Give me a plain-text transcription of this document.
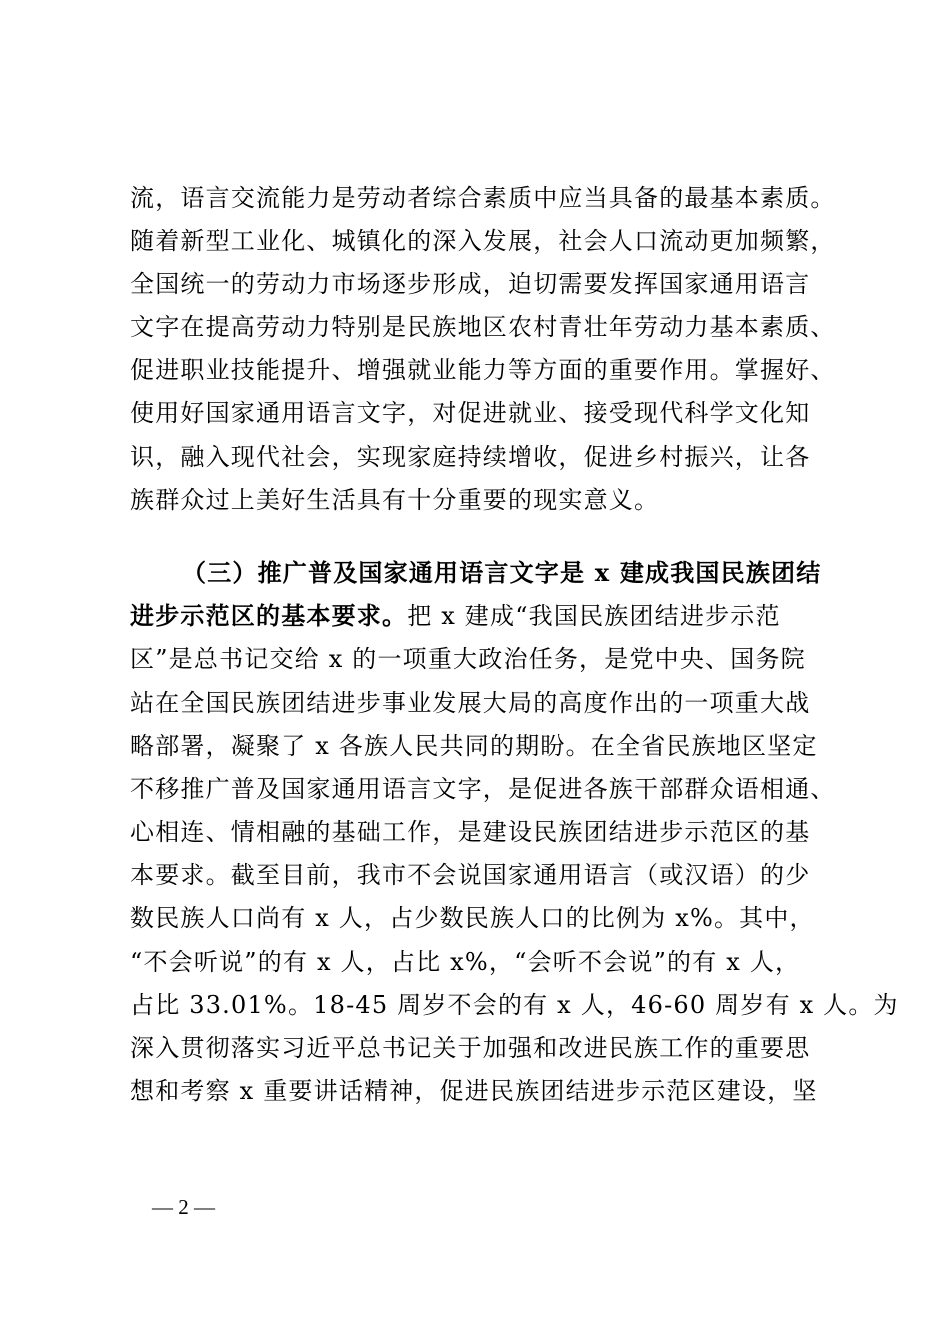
流，语言交流能力是劳动者综合素质中应当具备的最基本素质。
随着新型工业化、城镇化的深入发展，社会人口流动更加频繁，
全国统一的劳动力市场逐步形成，迫切需要发挥国家通用语言
文字在提高劳动力特别是民族地区农村青壮年劳动力基本素质、
促进职业技能提升、增强就业能力等方面的重要作用。掌握好、
使用好国家通用语言文字，对促进就业、接受现代科学文化知
识，融入现代社会，实现家庭持续增收，促进乡村振兴，让各
族群众过上美好生活具有十分重要的现实意义。
（三）推广普及国家通用语言文字是 x 建成我国民族团结
进步示范区的基本要求。把 x 建成“我国民族团结进步示范
区”是总书记交给 x 的一项重大政治任务，是党中央、国务院
站在全国民族团结进步事业发展大局的高度作出的一项重大战
略部署，凝聚了 x 各族人民共同的期盼。在全省民族地区坚定
不移推广普及国家通用语言文字，是促进各族干部群众语相通、
心相连、情相融的基础工作，是建设民族团结进步示范区的基
本要求。截至目前，我市不会说国家通用语言（或汉语）的少
数民族人口尚有 x 人，占少数民族人口的比例为 x%。其中，
“不会听说”的有 x 人，占比 x%，“会听不会说”的有 x 人，
占比 33.01%。18-45 周岁不会的有 x 人，46-60 周岁有 x 人。为
深入贯彻落实习近平总书记关于加强和改进民族工作的重要思
想和考察 x 重要讲话精神，促进民族团结进步示范区建设，坚
— 2 —
